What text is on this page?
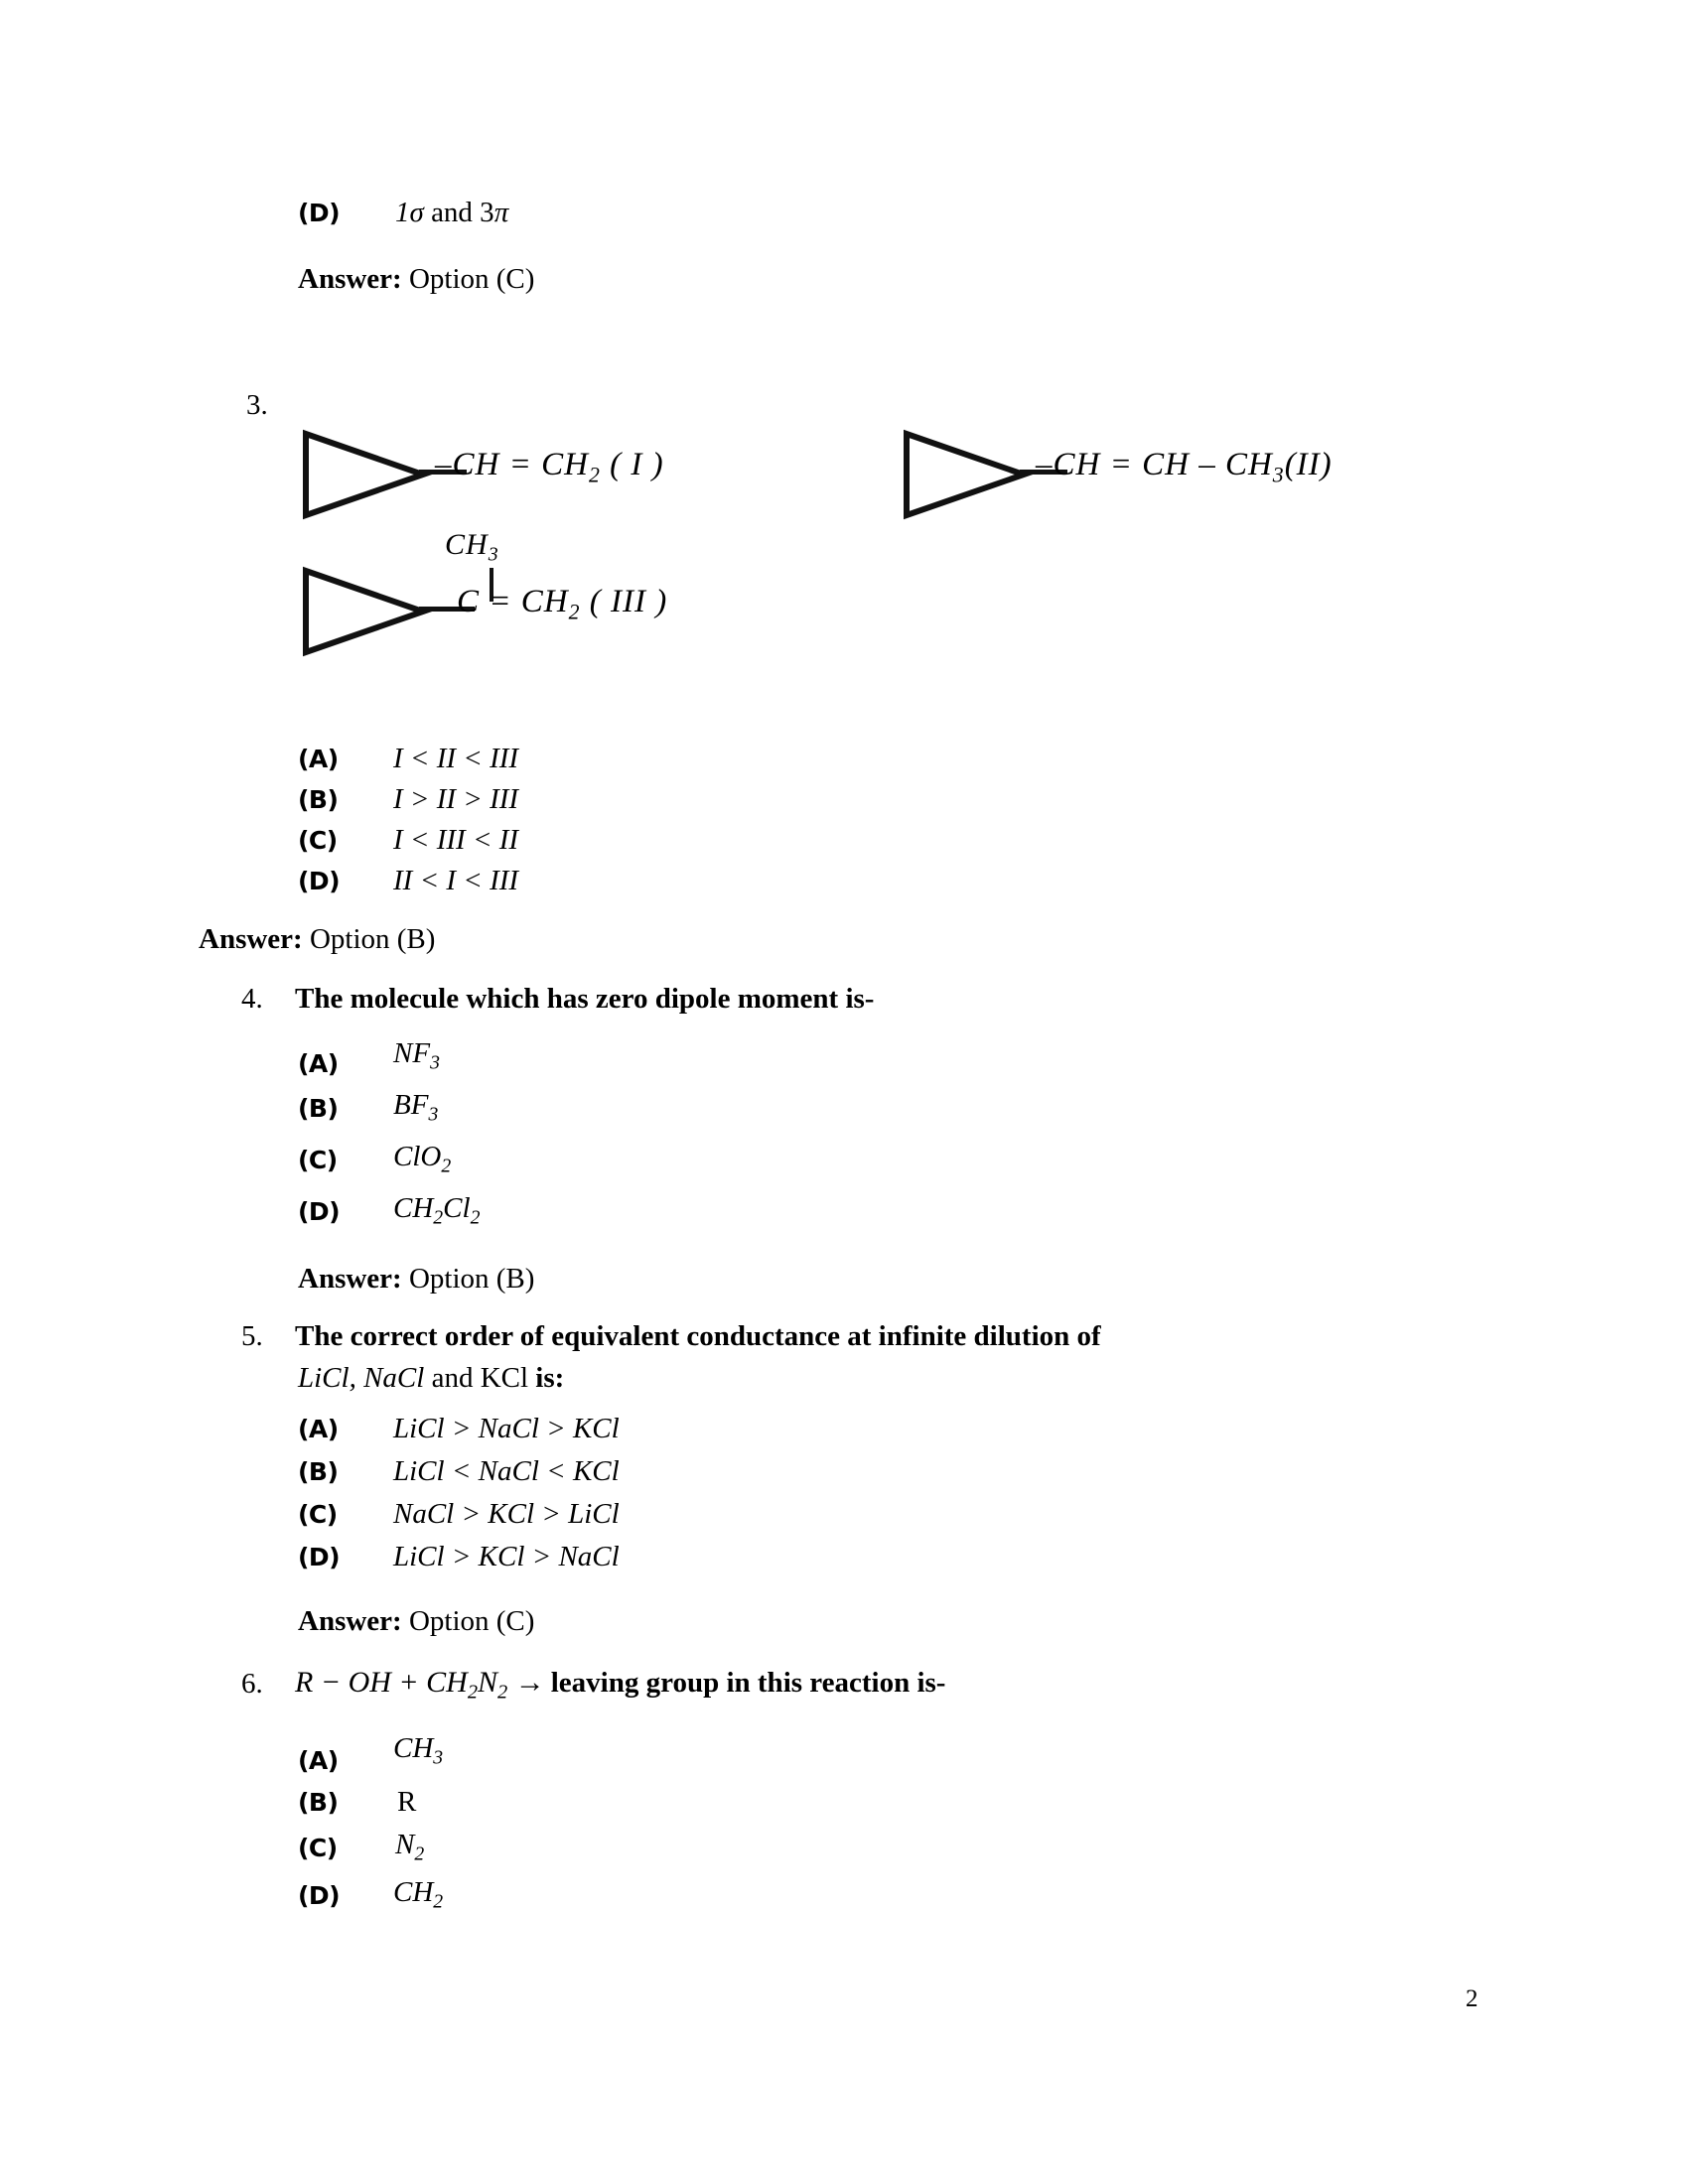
(D)	1σ and 3π
Answer: Option (C)
3.
$-CH = CH_2$ ( I )	–CH = CH – $CH_3(II)$
$CH_3$
$C = CH_2$ ( III )
(A)	I < II < III
(B)	I > II > III
(C)	I < III < II
(D)	II < I < III
Answer: Option (B)
4. The molecule which has zero dipole moment is-
(A)	$NF_3$
(B)	$BF_3$
(C)	ClO$_2$
(D)	$CH_2Cl_2$
Answer: Option (B)
5. The correct order of equivalent conductance at infinite dilution of
LiCl, NaCl and KCl is:
(A)	LiCl > NaCl > KCl
(B)	LiCl < NaCl < KCl
(C)	NaCl > KCl > LiCl
(D)	LiCl > KCl > NaCl
Answer: Option (C)
6. R − OH + $CH_2N_2$ → leaving group in this reaction is-
(A)	$CH_3$
(B)	R
(C)	$N_2$
(D)	$CH_2$
2
